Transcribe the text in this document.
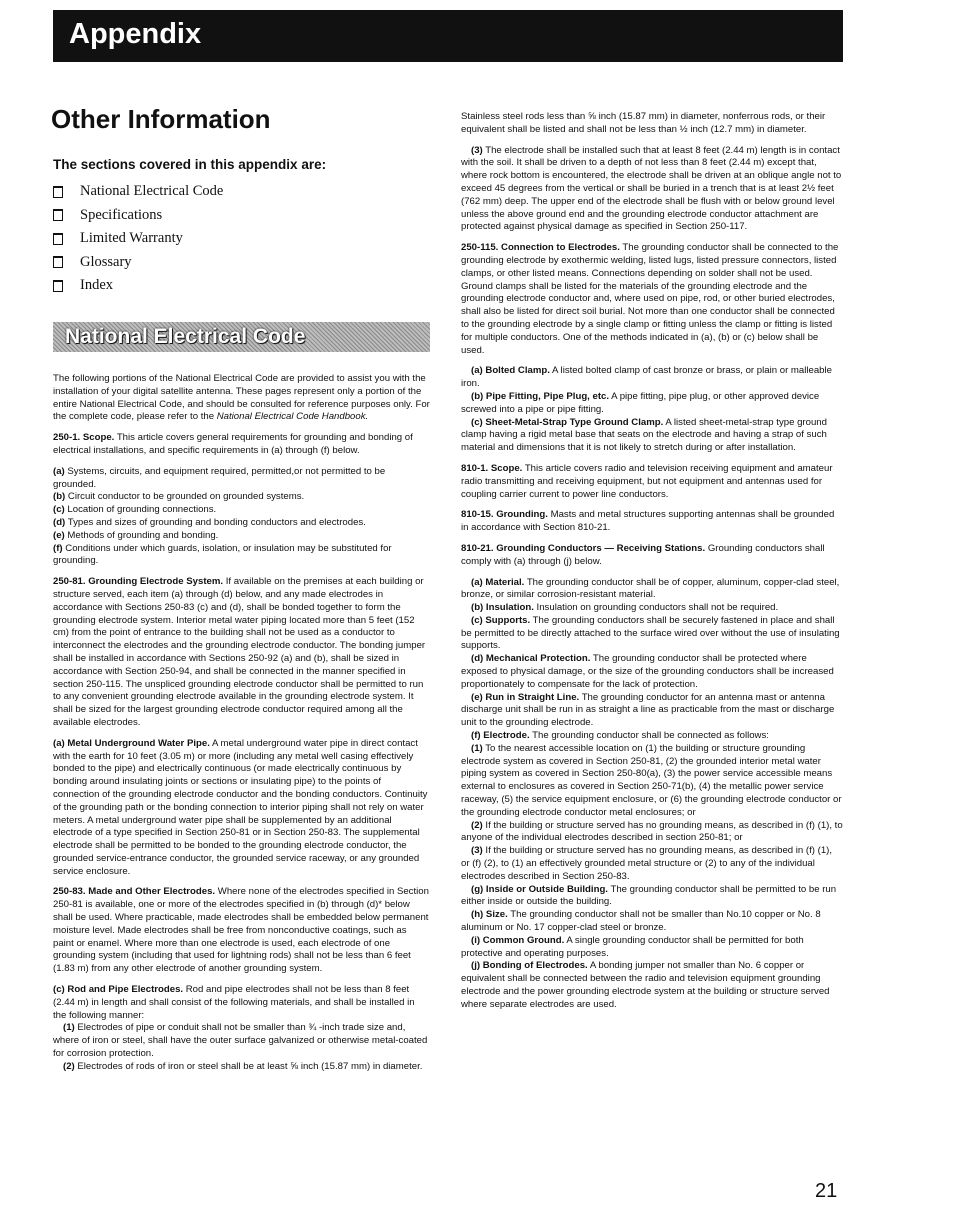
Appendix
Other Information
The sections covered in this appendix are:
National Electrical Code
Specifications
Limited Warranty
Glossary
Index
National Electrical Code

The following portions of the National Electrical Code are provided to assist you with the installation of your digital satellite antenna. These pages represent only a portion of the entire National Electrical Code, and should be consulted for reference purposes only. For the complete code, please refer to the National Electrical Code Handbook.

250-1. Scope. This article covers general requirements for grounding and bonding of electrical installations, and specific requirements in (a) through (f) below.

(a) Systems, circuits, and equipment required, permitted,or not permitted to be grounded.

(b) Circuit conductor to be grounded on grounded systems.

(c) Location of grounding connections.

(d) Types and sizes of grounding and bonding conductors and electrodes.

(e) Methods of grounding and bonding.

(f) Conditions under which guards, isolation, or insulation may be substituted for grounding.

250-81. Grounding Electrode System. If available on the premises at each building or structure served, each item (a) through (d) below, and any made electrodes in accordance with Sections 250-83 (c) and (d), shall be bonded together to form the grounding electrode system. Interior metal water piping located more than 5 feet (152 cm) from the point of entrance to the building shall not be used as a conductor to interconnect the electrodes and the grounding electrode conductor. The bonding jumper shall be installed in accordance with Sections 250-92 (a) and (b), shall be sized in accordance with Section 250-94, and shall be connected in the manner specified in section 250-115. The unspliced grounding electrode conductor shall be permitted to run to any convenient grounding electrode available in the grounding electrode system. It shall be sized for the largest grounding electrode conductor required among all the available electrodes.

(a) Metal Underground Water Pipe. A metal underground water pipe in direct contact with the earth for 10 feet (3.05 m) or more (including any metal well casing effectively bonded to the pipe) and electrically continuous (or made electrically continuous by bonding around insulating joints or sections or insulating pipe) to the points of connection of the grounding electrode conductor and the bonding conductors. Continuity of the grounding path or the bonding connection to interior piping shall not rely on water meters. A metal underground water pipe shall be supplemented by an additional electrode of a type specified in Section 250-81 or in Section 250-83. The supplemental electrode shall be permitted to be bonded to the grounding electrode conductor, the grounded service-entrance conductor, the grounded service raceway, or any grounded service enclosure.

250-83. Made and Other Electrodes. Where none of the electrodes specified in Section 250-81 is available, one or more of the electrodes specified in (b) through (d)* below shall be used. Where practicable, made electrodes shall be embedded below permanent moisture level. Made electrodes shall be free from nonconductive coatings, such as paint or enamel. Where more than one electrode is used, each electrode of one grounding system (including that used for lightning rods) shall not be less than 6 feet (1.83 m) from any other electrode of another grounding system.

(c) Rod and Pipe Electrodes. Rod and pipe electrodes shall not be less than 8 feet (2.44 m) in length and shall consist of the following materials, and shall be installed in the following manner:

(1) Electrodes of pipe or conduit shall not be smaller than ¾ -inch trade size and, where of iron or steel, shall have the outer surface galvanized or otherwise metal-coated for corrosion protection.

(2) Electrodes of rods of iron or steel shall be at least ⅝ inch (15.87 mm) in diameter.

Stainless steel rods less than ⅝ inch (15.87 mm) in diameter, nonferrous rods, or their equivalent shall be listed and shall not be less than ½ inch (12.7 mm) in diameter.

(3) The electrode shall be installed such that at least 8 feet (2.44 m) length is in contact with the soil. It shall be driven to a depth of not less than 8 feet (2.44 m) except that, where rock bottom is encountered, the electrode shall be driven at an oblique angle not to exceed 45 degrees from the vertical or shall be buried in a trench that is at least 2½ feet (762 mm) deep. The upper end of the electrode shall be flush with or below ground level unless the above ground end and the grounding electrode conductor attachment are protected against physical damage as specified in Section 250-117.

250-115. Connection to Electrodes. The grounding conductor shall be connected to the grounding electrode by exothermic welding, listed lugs, listed pressure connectors, listed clamps, or other listed means. Connections depending on solder shall not be used. Ground clamps shall be listed for the materials of the grounding electrode and the grounding electrode conductor and, where used on pipe, rod, or other buried electrodes, shall also be listed for direct soil burial. Not more than one conductor shall be connected to the grounding electrode by a single clamp or fitting unless the clamp or fitting is listed for multiple conductors. One of the methods indicated in (a), (b) or (c) below shall be used.

(a) Bolted Clamp. A listed bolted clamp of cast bronze or brass, or plain or malleable iron.

(b) Pipe Fitting, Pipe Plug, etc. A pipe fitting, pipe plug, or other approved device screwed into a pipe or pipe fitting.

(c) Sheet-Metal-Strap Type Ground Clamp. A listed sheet-metal-strap type ground clamp having a rigid metal base that seats on the electrode and having a strap of such material and dimensions that it is not likely to stretch during or after installation.

810-1. Scope. This article covers radio and television receiving equipment and amateur radio transmitting and receiving equipment, but not equipment and antennas used for coupling carrier current to power line conductors.

810-15. Grounding. Masts and metal structures supporting antennas shall be grounded in accordance with Section 810-21.

810-21. Grounding Conductors — Receiving Stations. Grounding conductors shall comply with (a) through (j) below.

(a) Material. The grounding conductor shall be of copper, aluminum, copper-clad steel, bronze, or similar corrosion-resistant material.

(b) Insulation. Insulation on grounding conductors shall not be required.

(c) Supports. The grounding conductors shall be securely fastened in place and shall be permitted to be directly attached to the surface wired over without the use of insulating supports.

(d) Mechanical Protection. The grounding conductor shall be protected where exposed to physical damage, or the size of the grounding conductors shall be increased proportionately to compensate for the lack of protection.

(e) Run in Straight Line. The grounding conductor for an antenna mast or antenna discharge unit shall be run in as straight a line as practicable from the mast or discharge unit to the grounding electrode.

(f) Electrode. The grounding conductor shall be connected as follows:

(1) To the nearest accessible location on (1) the building or structure grounding electrode system as covered in Section 250-81, (2) the grounded interior metal water piping system as covered in Section 250-80(a), (3) the power service accessible means external to enclosures as covered in Section 250-71(b), (4) the metallic power service raceway, (5) the service equipment enclosure, or (6) the grounding electrode conductor or the grounding electrode conductor metal enclosures; or

(2) If the building or structure served has no grounding means, as described in (f) (1), to anyone of the individual electrodes described in section 250-81; or

(3) If the building or structure served has no grounding means, as described in (f) (1), or (f) (2), to (1) an effectively grounded metal structure or (2) to any of the individual electrodes described in Section 250-83.

(g) Inside or Outside Building. The grounding conductor shall be permitted to be run either inside or outside the building.

(h) Size. The grounding conductor shall not be smaller than No.10 copper or No. 8 aluminum or No. 17 copper-clad steel or bronze.

(i) Common Ground. A single grounding conductor shall be permitted for both protective and operating purposes.

(j) Bonding of Electrodes. A bonding jumper not smaller than No. 6 copper or equivalent shall be connected between the radio and television equipment grounding electrode and the power grounding electrode system at the building or structure served where separate electrodes are used.

21
